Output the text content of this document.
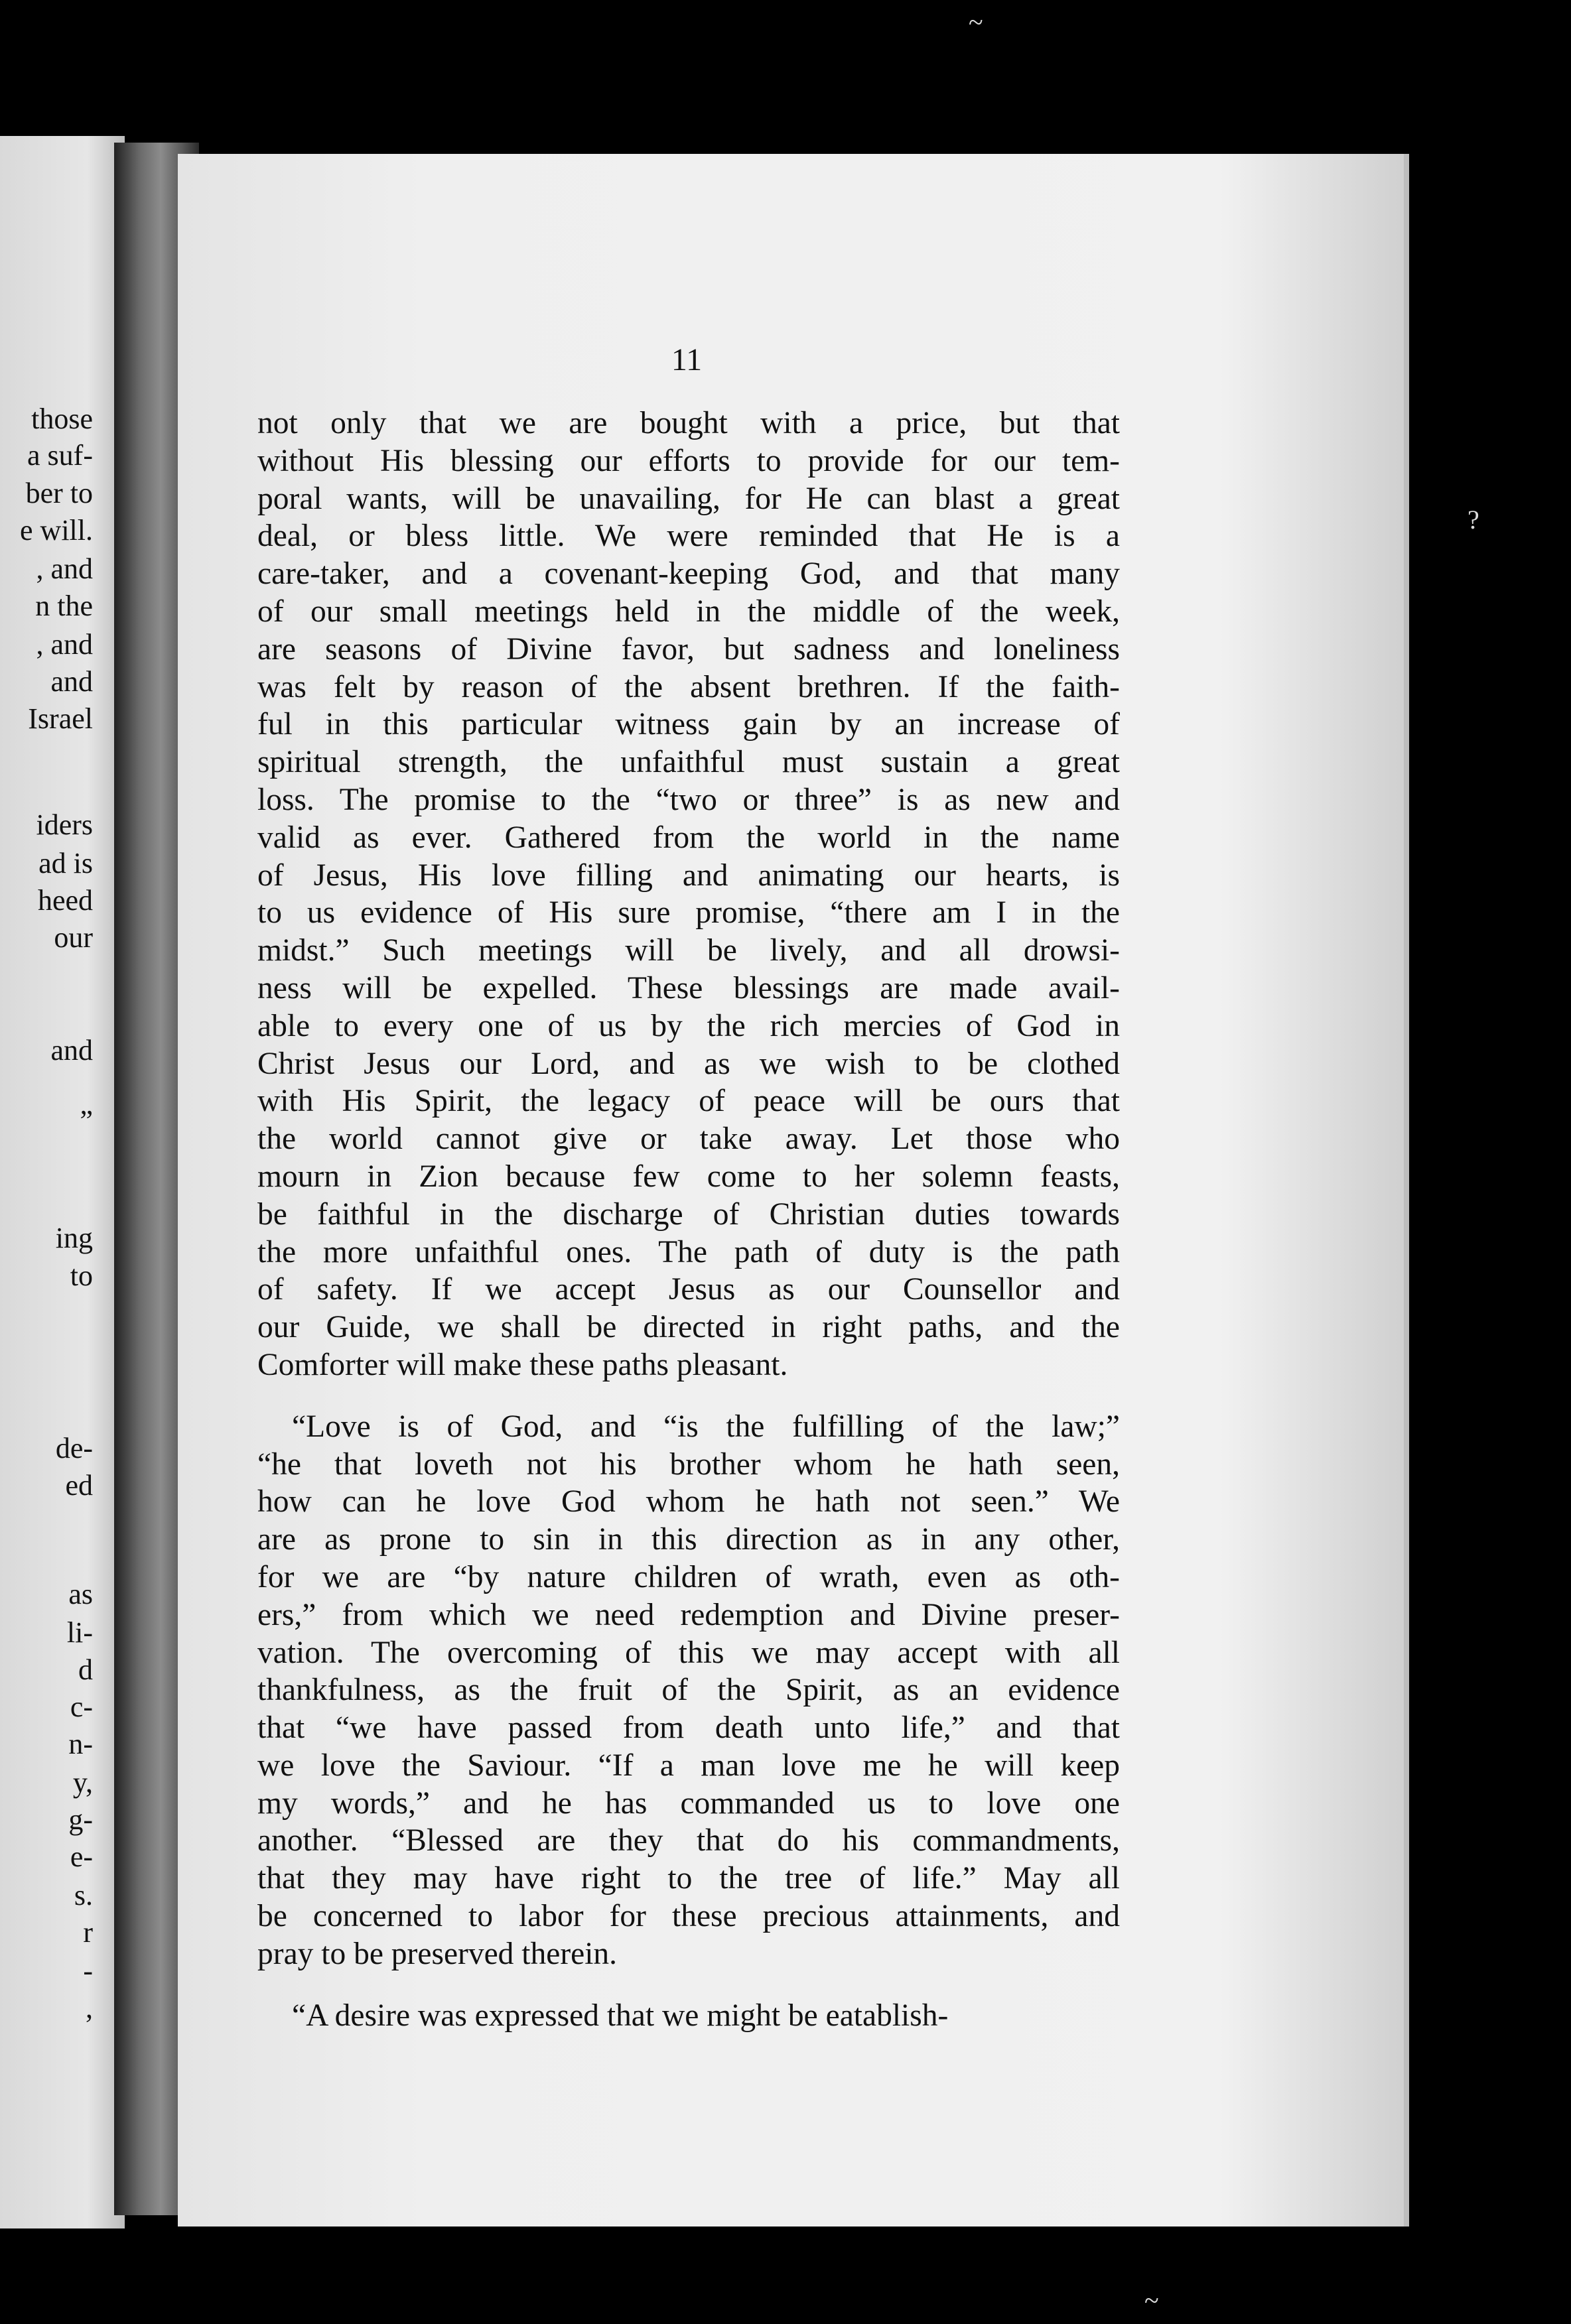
those
a suf-
ber to
e will.
, and
n the
, and
and
Israel
iders
ad is
heed
our
and
”
ing
to
de-
ed
as
li-
d
c-
n-
y,
g-
e-
s.
r
-
,
11
not only that we are bought with a price, but that
without His blessing our efforts to provide for our tem-
poral wants, will be unavailing, for He can blast a great
deal, or bless little. We were reminded that He is a
care-taker, and a covenant-keeping God, and that many
of our small meetings held in the middle of the week,
are seasons of Divine favor, but sadness and loneliness
was felt by reason of the absent brethren. If the faith-
ful in this particular witness gain by an increase of
spiritual strength, the unfaithful must sustain a great
loss. The promise to the “two or three” is as new and
valid as ever. Gathered from the world in the name
of Jesus, His love filling and animating our hearts, is
to us evidence of His sure promise, “there am I in the
midst.” Such meetings will be lively, and all drowsi-
ness will be expelled. These blessings are made avail-
able to every one of us by the rich mercies of God in
Christ Jesus our Lord, and as we wish to be clothed
with His Spirit, the legacy of peace will be ours that
the world cannot give or take away. Let those who
mourn in Zion because few come to her solemn feasts,
be faithful in the discharge of Christian duties towards
the more unfaithful ones. The path of duty is the path
of safety. If we accept Jesus as our Counsellor and
our Guide, we shall be directed in right paths, and the
Comforter will make these paths pleasant.
“Love is of God, and “is the fulfilling of the law;”
“he that loveth not his brother whom he hath seen,
how can he love God whom he hath not seen.” We
are as prone to sin in this direction as in any other,
for we are “by nature children of wrath, even as oth-
ers,” from which we need redemption and Divine preser-
vation. The overcoming of this we may accept with all
thankfulness, as the fruit of the Spirit, as an evidence
that “we have passed from death unto life,” and that
we love the Saviour. “If a man love me he will keep
my words,” and he has commanded us to love one
another. “Blessed are they that do his commandments,
that they may have right to the tree of life.” May all
be concerned to labor for these precious attainments, and
pray to be preserved therein.
“A desire was expressed that we might be eatablish-
?
~
~
